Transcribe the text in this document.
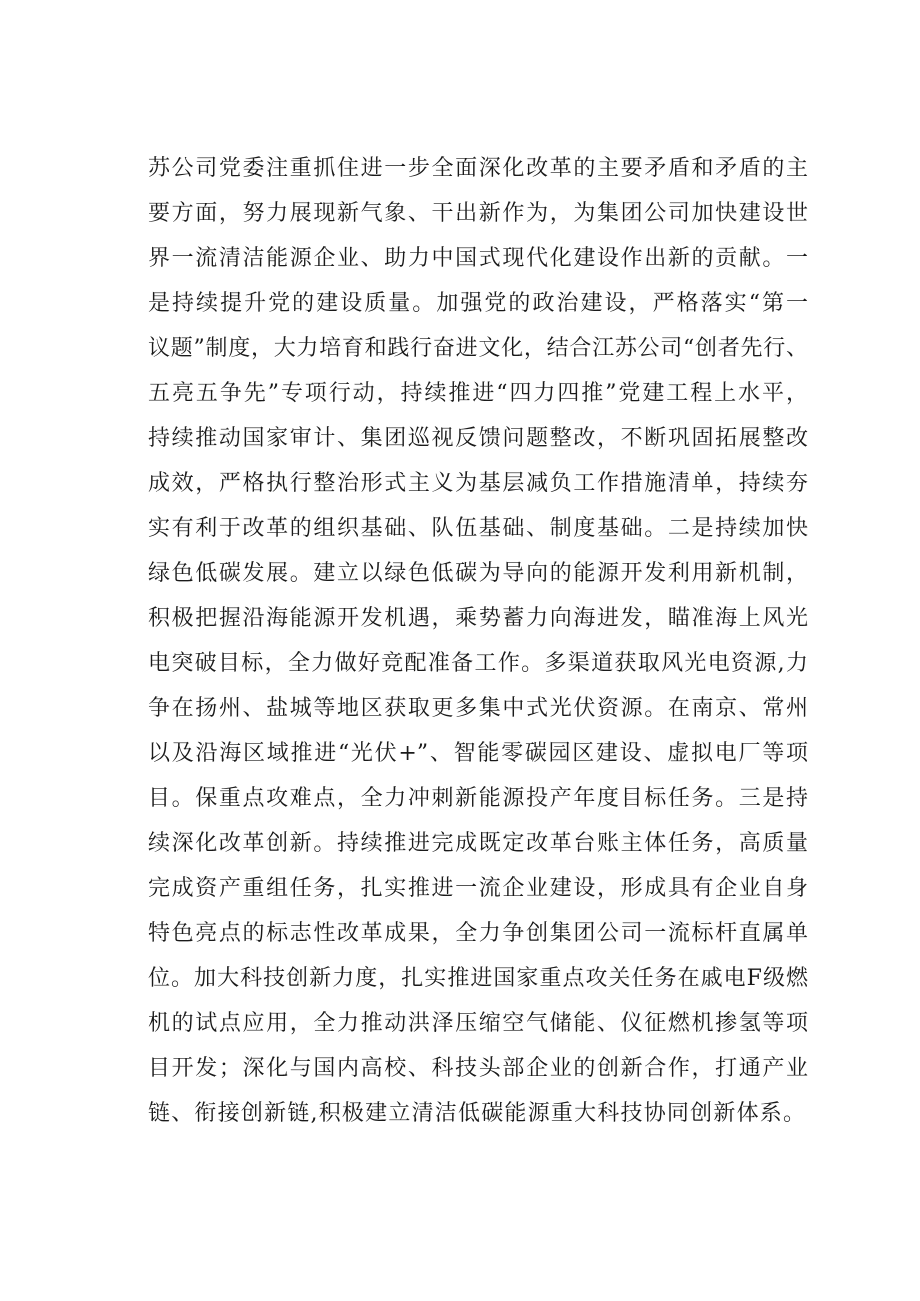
苏公司党委注重抓住进一步全面深化改革的主要矛盾和矛盾的主
要方面，努力展现新气象、干出新作为，为集团公司加快建设世
界一流清洁能源企业、助力中国式现代化建设作出新的贡献。一
是持续提升党的建设质量。加强党的政治建设，严格落实“第一
议题”制度，大力培育和践行奋进文化，结合江苏公司“创者先行、
五亮五争先”专项行动，持续推进“四力四推”党建工程上水平，
持续推动国家审计、集团巡视反馈问题整改，不断巩固拓展整改
成效，严格执行整治形式主义为基层减负工作措施清单，持续夯
实有利于改革的组织基础、队伍基础、制度基础。二是持续加快
绿色低碳发展。建立以绿色低碳为导向的能源开发利用新机制，
积极把握沿海能源开发机遇，乘势蓄力向海进发，瞄准海上风光
电突破目标，全力做好竞配准备工作。多渠道获取风光电资源,力
争在扬州、盐城等地区获取更多集中式光伏资源。在南京、常州
以及沿海区域推进“光伏+”、智能零碳园区建设、虚拟电厂等项
目。保重点攻难点，全力冲刺新能源投产年度目标任务。三是持
续深化改革创新。持续推进完成既定改革台账主体任务，高质量
完成资产重组任务，扎实推进一流企业建设，形成具有企业自身
特色亮点的标志性改革成果，全力争创集团公司一流标杆直属单
位。加大科技创新力度，扎实推进国家重点攻关任务在戚电F级燃
机的试点应用，全力推动洪泽压缩空气储能、仪征燃机掺氢等项
目开发；深化与国内高校、科技头部企业的创新合作，打通产业
链、衔接创新链,积极建立清洁低碳能源重大科技协同创新体系。
